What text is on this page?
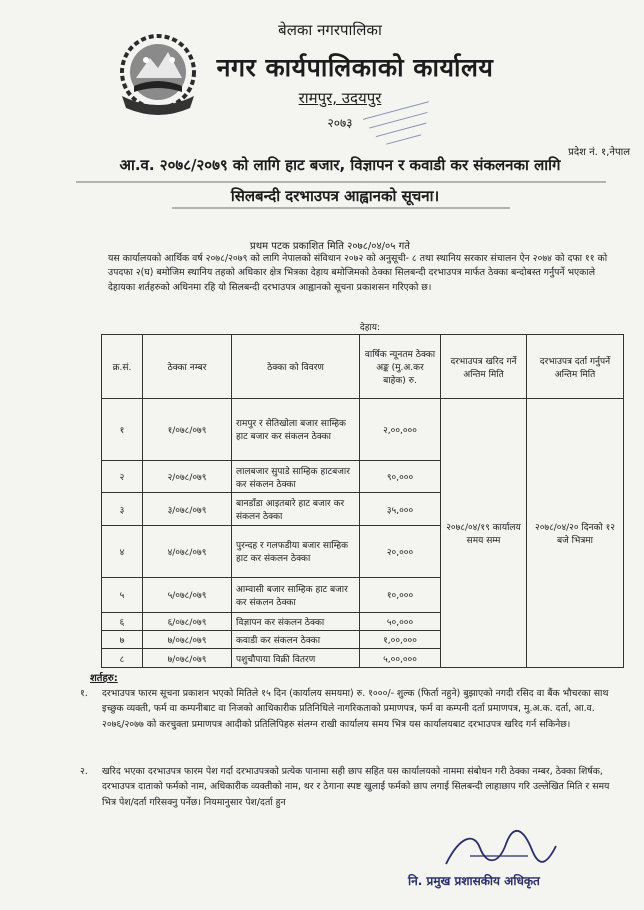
बेलका नगरपालिका
नगर कार्यपालिकाको कार्यालय
रामपुर, उदयपुर
२०७३
प्रदेश नं. १,नेपाल
आ.व. २०७८/२०७९ को लागि हाट बजार, विज्ञापन र कवाडी कर संकलनका लागि
सिलबन्दी दरभाउपत्र आह्वानको सूचना।
प्रथम पटक प्रकाशित मिति २०७८/०४/०५ गते
यस कार्यालयको आर्थिक वर्ष २०७८/२०७९ को लागि नेपालको संविधान २०७२ को अनुसूची- ८ तथा स्थानिय सरकार संचालन ऐन २०७४ को दफा ११ को उपदफा २(घ) बमोजिम स्थानिय तहको अधिकार क्षेत्र भित्रका देहाय बमोजिमको ठेक्का सिलबन्दी दरभाउपत्र मार्फत ठेक्का बन्दोबस्त गर्नुपर्ने भएकाले देहायका शर्तहरुको अधिनमा रहि यो सिलबन्दी दरभाउपत्र आह्वानको सूचना प्रकाशसन गरिएको छ।
देहाय:
क्र.सं.	ठेक्का नम्बर	ठेक्का को विवरण	वार्षिक न्यूनतम ठेक्का अङ्क (मु.अ.कर बाहेक) रु.	दरभाउपत्र खरिद गर्ने अन्तिम मिति	दरभाउपत्र दर्ता गर्नुपर्ने अन्तिम मिति
१	१/०७८/०७९	रामपुर र सेतिखोला बजार साम्हिक हाट बजार कर संकलन ठेक्का	२,००,०००	२०७८/०४/१९ कार्यालय समय सम्म	२०७८/०४/२० दिनको १२ बजे भित्रमा
२	२/०७८/०७९	लालबजार सुपाडे साम्हिक हाटबजार कर संकलन ठेक्का	९०,०००		
३	३/०७८/०७९	बानडाँडा आइतबारे हाट बजार कर संकलन ठेक्का	३५,०००		
४	४/०७८/०७९	पुरन्दह र गलफडीया बजार साम्हिक हाट कर संकलन ठेक्का	२०,०००		
५	५/०७८/०७९	आम्वासी बजार साम्हिक हाट बजार कर संकलन ठेक्का	१०,०००		
६	६/०७८/०७९	विज्ञापन कर संकलन ठेक्का	५०,०००		
७	७/०७८/०७९	कवाडी कर संकलन ठेक्का	१,००,०००		
८	७/०७८/०७९	पशुचौपाया विक्री वितरण	५,००,०००		
शर्तहरु:
१.	दरभाउपत्र फारम सूचना प्रकाशन भएको मितिले १५ दिन (कार्यालय समयमा) रु. १०००/- शुल्क (फिर्ता नहुने) बुझाएको नगदी रसिद वा बैंक भौचरका साथ इच्छुक व्यक्ती, फर्म वा कम्पनीबाट वा निजको आधिकारीक प्रतिनिधिले नागरिकताको प्रमाणपत्र, फर्म वा कम्पनी दर्ता प्रमाणपत्र, मु.अ.क. दर्ता, आ.व. २०७६/२०७७ को करचुक्ता प्रमाणपत्र आदीको प्रतिलिपिहरु संलग्न राखी कार्यालय समय भित्र यस कार्यालयबाट दरभाउपत्र खरिद गर्न सकिनेछ।
२.	खरिद भएका दरभाउपत्र फारम पेश गर्दा दरभाउपत्रको प्रत्येक पानामा सही छाप सहित यस कार्यालयको नाममा संबोधन गरी ठेक्का नम्बर, ठेक्का शिर्षक, दरभाउपत्र दाताको फर्मको नाम, अधिकारीक व्यक्तीको नाम, थर र ठेगाना स्पष्ट खुलाई फर्मको छाप लगाई सिलबन्दी लाहाछाप गरि उल्लेखित मिति र समय भित्र पेश/दर्ता गरिसक्नु पर्नेछ। नियमानुसार पेश/दर्ता हुन
नि. प्रमुख प्रशासकीय अधिकृत
